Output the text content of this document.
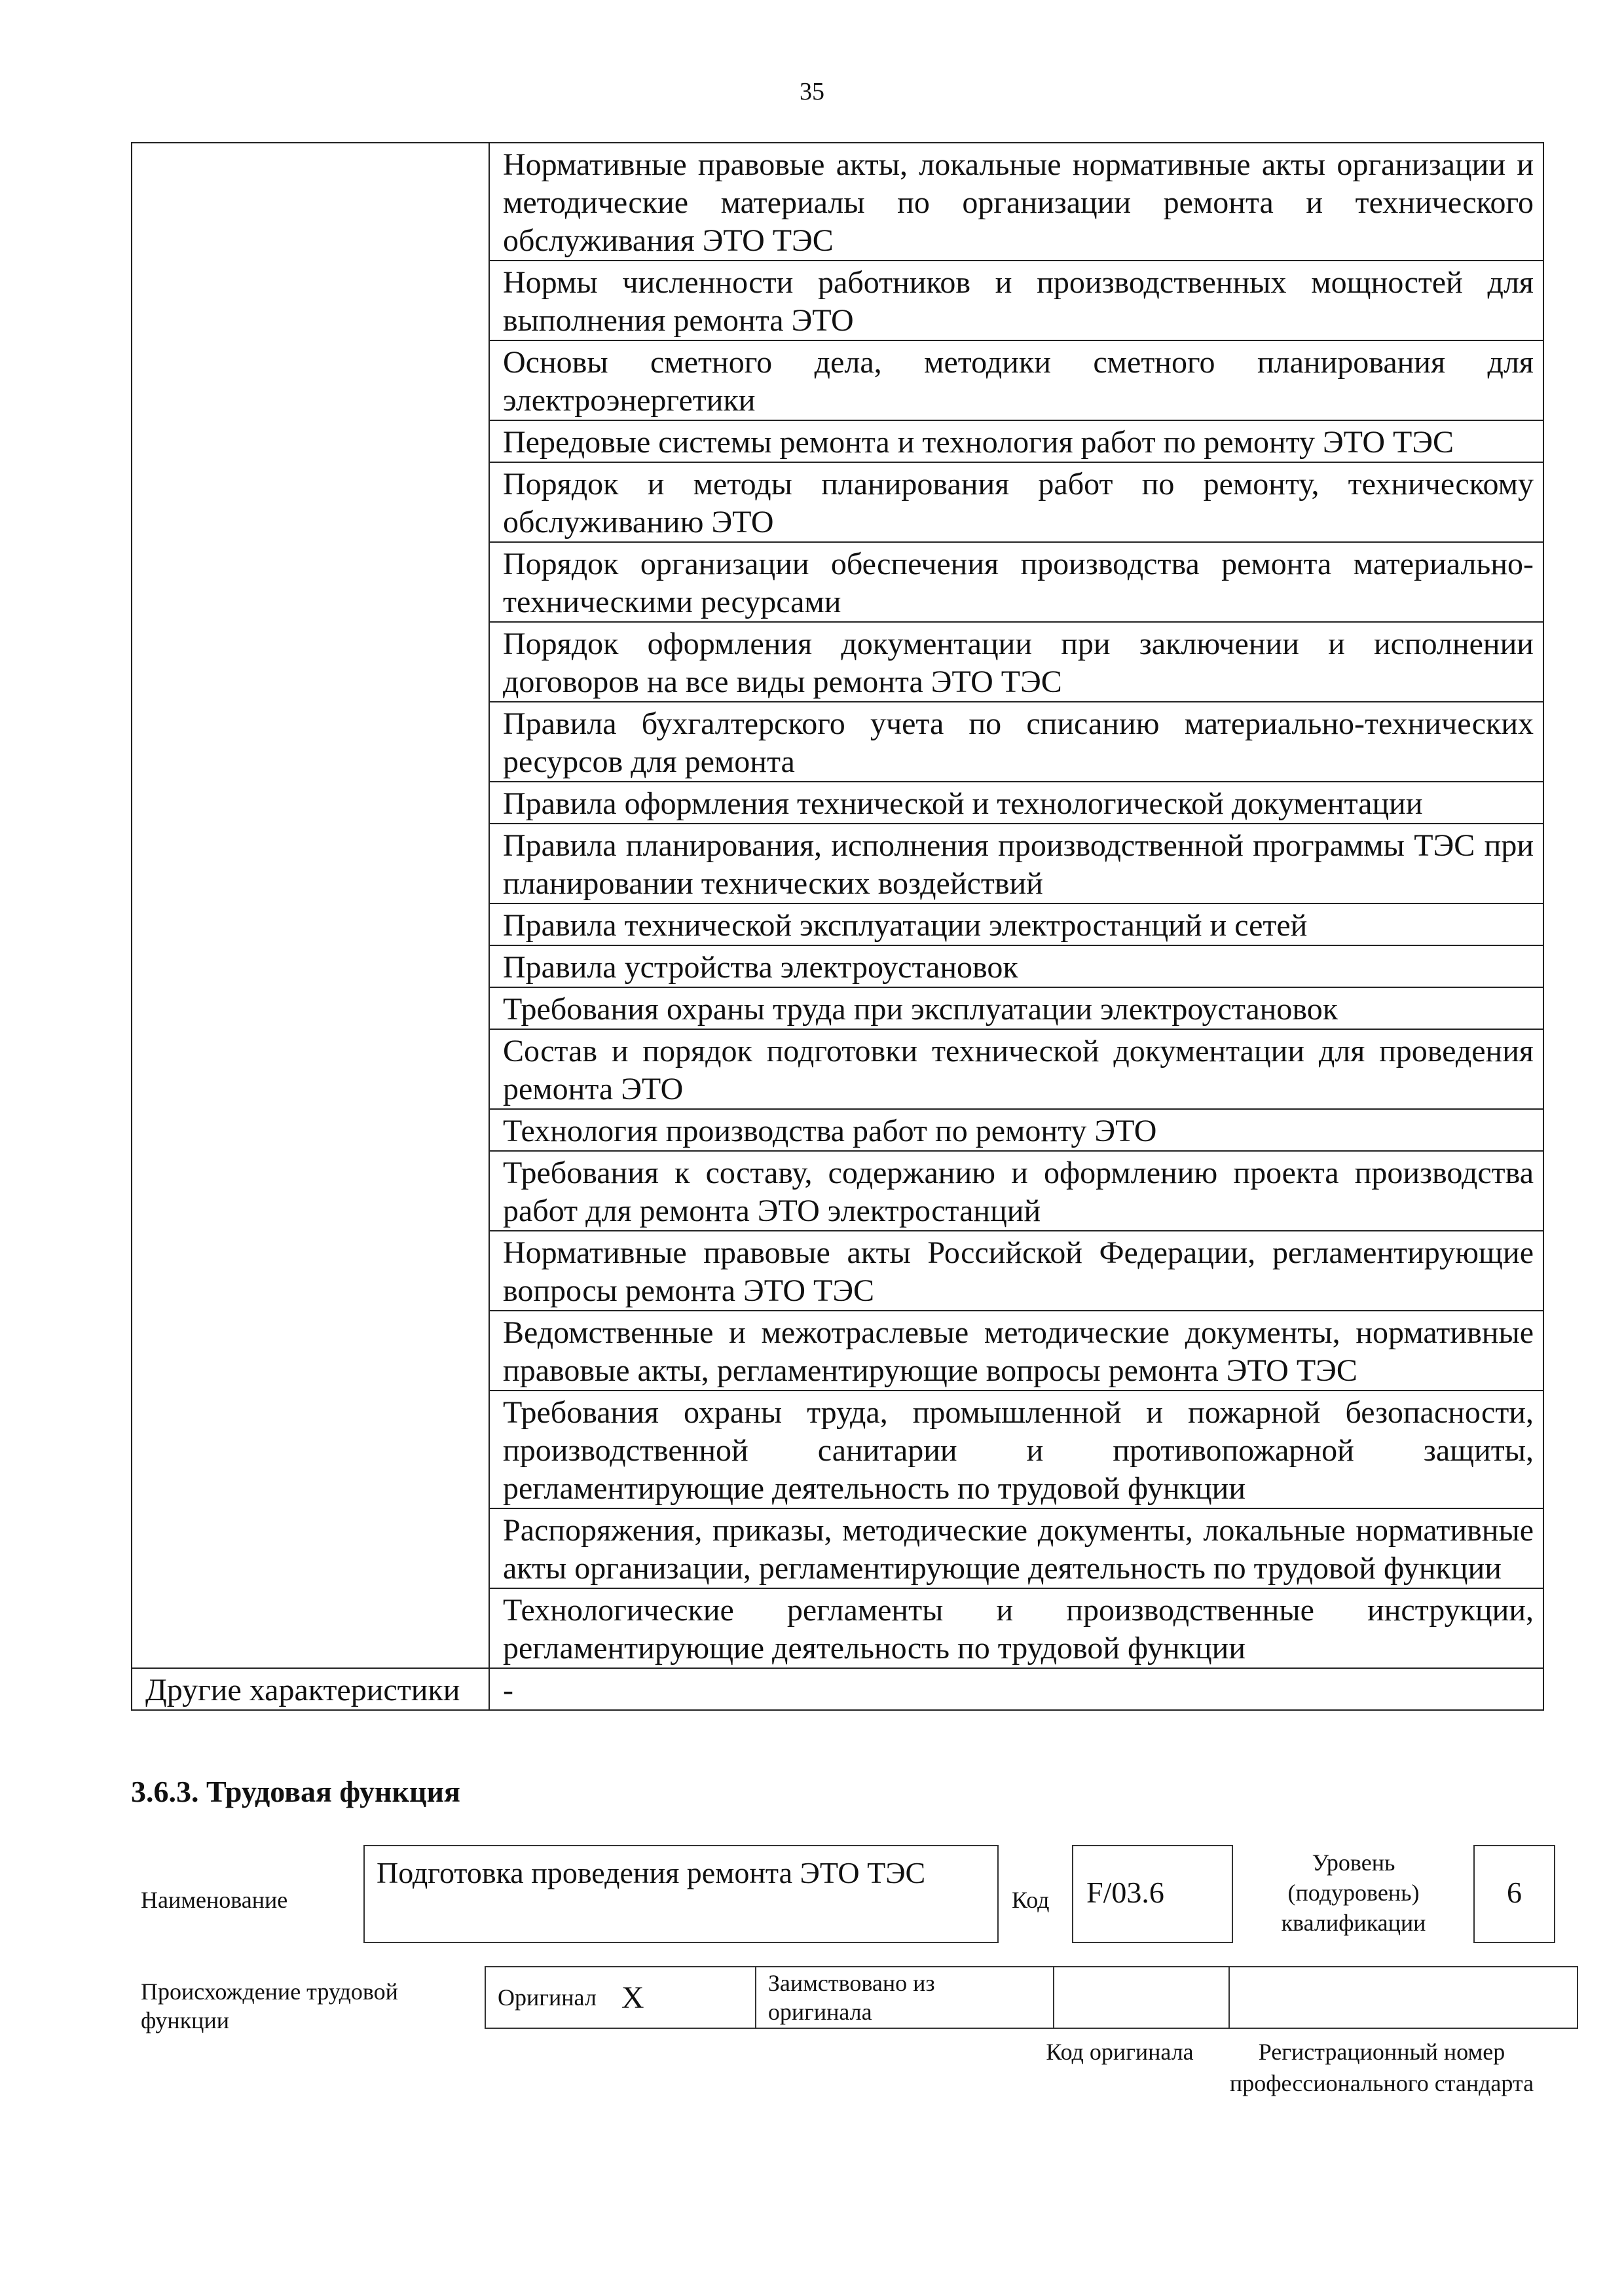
35
	Нормативные правовые акты, локальные нормативные акты организации и методические материалы по организации ремонта и технического обслуживания ЭТО ТЭС
	Нормы численности работников и производственных мощностей для выполнения ремонта ЭТО
	Основы сметного дела, методики сметного планирования для электроэнергетики
	Передовые системы ремонта и технология работ по ремонту ЭТО ТЭС
	Порядок и методы планирования работ по ремонту, техническому обслуживанию ЭТО
	Порядок организации обеспечения производства ремонта материально-техническими ресурсами
	Порядок оформления документации при заключении и исполнении договоров на все виды ремонта ЭТО ТЭС
	Правила бухгалтерского учета по списанию материально-технических ресурсов для ремонта
	Правила оформления технической и технологической документации
	Правила планирования, исполнения производственной программы ТЭС при планировании технических воздействий
	Правила технической эксплуатации электростанций и сетей
	Правила устройства электроустановок
	Требования охраны труда при эксплуатации электроустановок
	Состав и порядок подготовки технической документации для проведения ремонта ЭТО
	Технология производства работ по ремонту ЭТО
	Требования к составу, содержанию и оформлению проекта производства работ для ремонта ЭТО электростанций
	Нормативные правовые акты Российской Федерации, регламентирующие вопросы ремонта ЭТО ТЭС
	Ведомственные и межотраслевые методические документы, нормативные правовые акты, регламентирующие вопросы ремонта ЭТО ТЭС
	Требования охраны труда, промышленной и пожарной безопасности, производственной санитарии и противопожарной защиты, регламентирующие деятельность по трудовой функции
	Распоряжения, приказы, методические документы, локальные нормативные акты организации, регламентирующие деятельность по трудовой функции
	Технологические регламенты и производственные инструкции, регламентирующие деятельность по трудовой функции
Другие характеристики	-
3.6.3. Трудовая функция
Наименование
Подготовка проведения ремонта ЭТО ТЭС
Код	F/03.6
Уровень (подуровень) квалификации
6
Происхождение трудовой функции
Оригинал	X	Заимствовано из оригинала		
Код оригинала	Регистрационный номер профессионального стандарта
